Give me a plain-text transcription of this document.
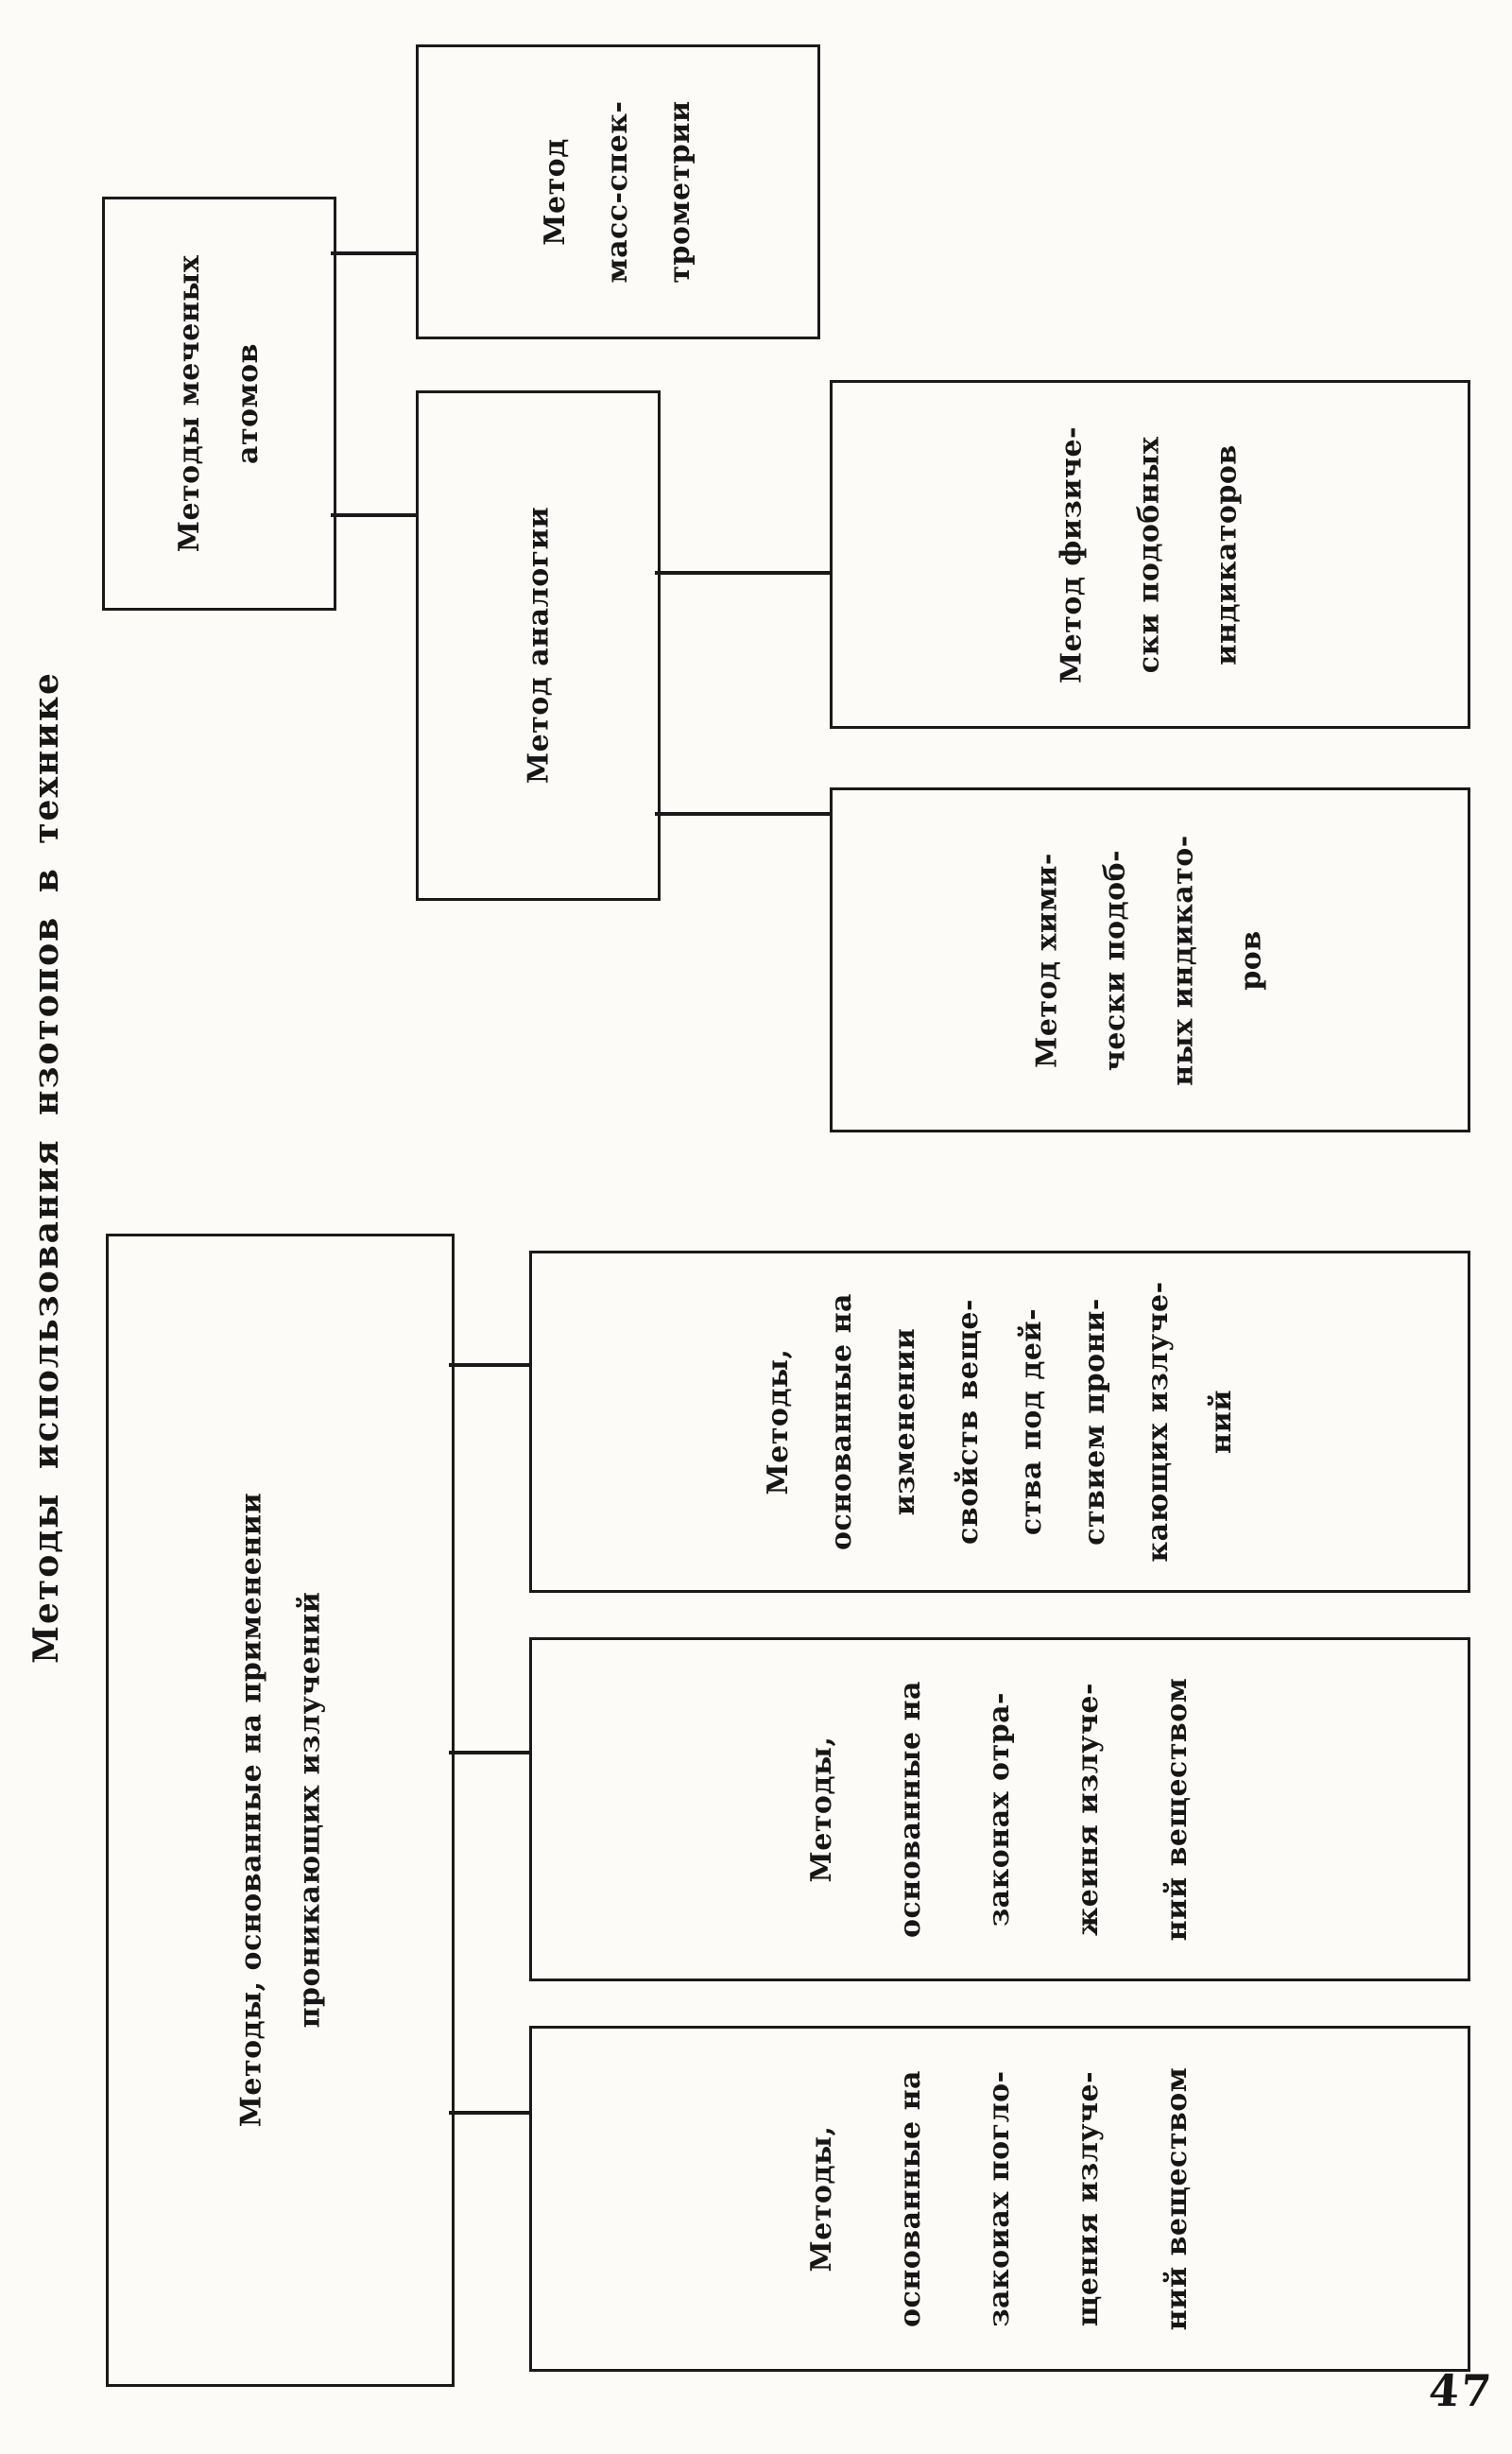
Методы использования нзотопов в технике
Методы меченых атомов
Метод	масс-спек-	трометрии
Метод аналогии	Метод физиче-	ски подобных	индикаторов
Метод хими-	чески подоб-	ных индикато-	ров
Методы, основанные на применении проникающих излучений
Методы,	основанные на	изменении	свойств веще-	ства под дей-	ствием прони-	кающих излуче-	ний
Методы,	основанные на	законах отра-	жеиня излуче-	ний веществом
Методы,	основанные на	закоиах погло-	щения излуче-	ний веществом
47
